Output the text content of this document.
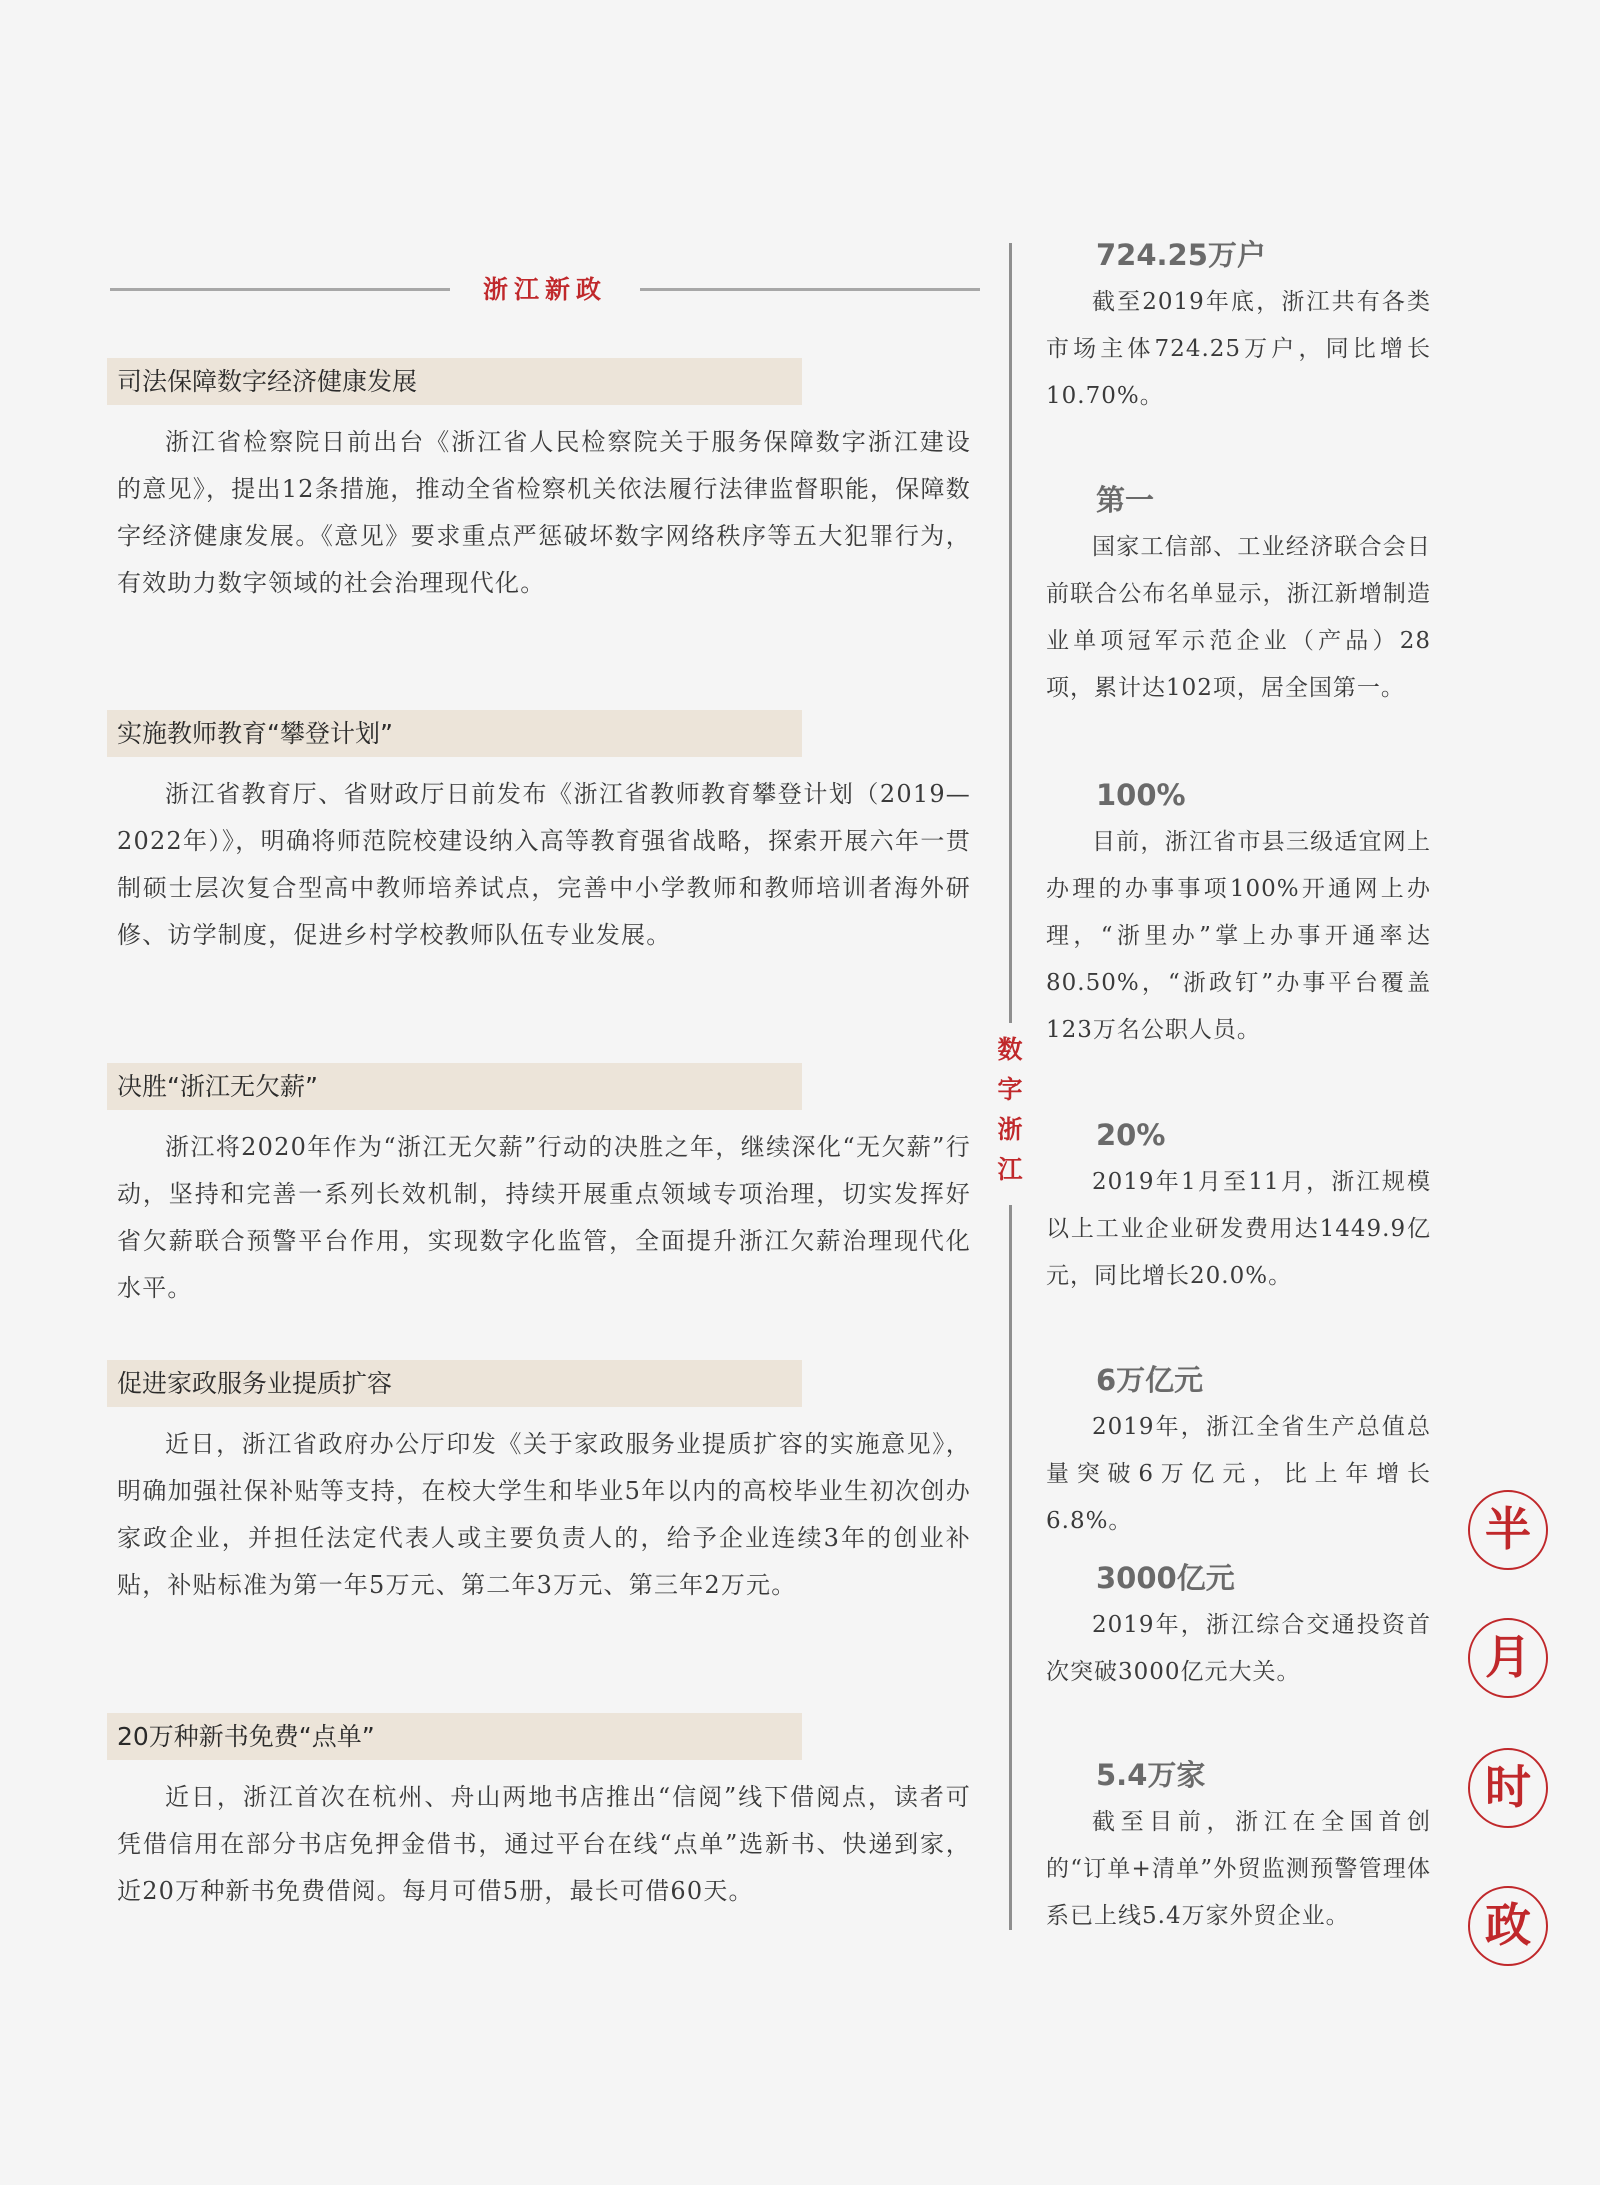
浙江新政
司法保障数字经济健康发展
浙江省检察院日前出台《浙江省人民检察院关于服务保障数字浙江建设的意见》，提出12条措施，推动全省检察机关依法履行法律监督职能，保障数字经济健康发展。《意见》要求重点严惩破坏数字网络秩序等五大犯罪行为，有效助力数字领域的社会治理现代化。
实施教师教育“攀登计划”
浙江省教育厅、省财政厅日前发布《浙江省教师教育攀登计划（2019—2022年）》，明确将师范院校建设纳入高等教育强省战略，探索开展六年一贯制硕士层次复合型高中教师培养试点，完善中小学教师和教师培训者海外研修、访学制度，促进乡村学校教师队伍专业发展。
决胜“浙江无欠薪”
浙江将2020年作为“浙江无欠薪”行动的决胜之年，继续深化“无欠薪”行动，坚持和完善一系列长效机制，持续开展重点领域专项治理，切实发挥好省欠薪联合预警平台作用，实现数字化监管，全面提升浙江欠薪治理现代化水平。
促进家政服务业提质扩容
近日，浙江省政府办公厅印发《关于家政服务业提质扩容的实施意见》，明确加强社保补贴等支持，在校大学生和毕业5年以内的高校毕业生初次创办家政企业，并担任法定代表人或主要负责人的，给予企业连续3年的创业补贴，补贴标准为第一年5万元、第二年3万元、第三年2万元。
20万种新书免费“点单”
近日，浙江首次在杭州、舟山两地书店推出“信阅”线下借阅点，读者可凭借信用在部分书店免押金借书，通过平台在线“点单”选新书、快递到家，近20万种新书免费借阅。每月可借5册，最长可借60天。
数
字
浙
江
724.25万户
截至2019年底，浙江共有各类市场主体724.25万户，同比增长10.70%。
第一
国家工信部、工业经济联合会日前联合公布名单显示，浙江新增制造业单项冠军示范企业（产品）28项，累计达102项，居全国第一。
100%
目前，浙江省市县三级适宜网上办理的办事事项100%开通网上办理，“浙里办”掌上办事开通率达80.50%，“浙政钉”办事平台覆盖123万名公职人员。
20%
2019年1月至11月，浙江规模以上工业企业研发费用达1449.9亿元，同比增长20.0%。
6万亿元
2019年，浙江全省生产总值总量突破6万亿元，比上年增长6.8%。
3000亿元
2019年，浙江综合交通投资首次突破3000亿元大关。
5.4万家
截至目前，浙江在全国首创的“订单+清单”外贸监测预警管理体系已上线5.4万家外贸企业。
半
月
时
政
